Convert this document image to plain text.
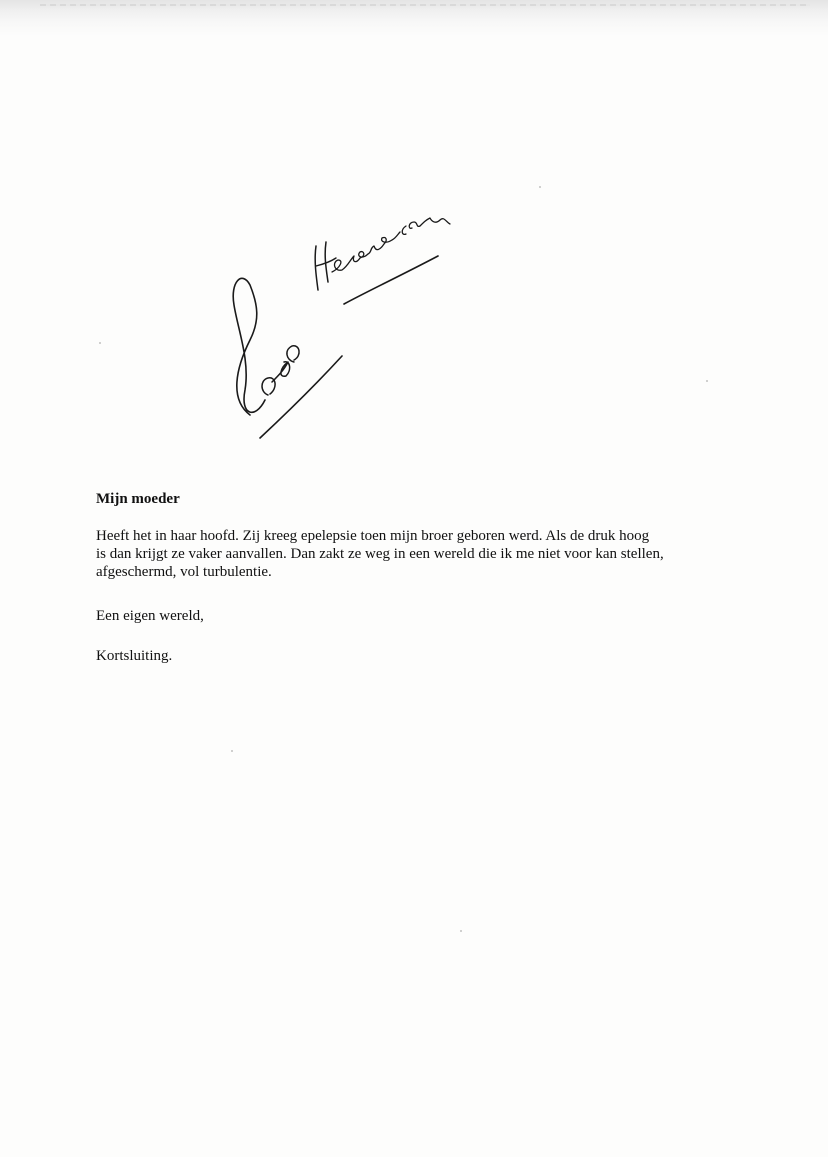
Mijn moeder

Heeft het in haar hoofd. Zij kreeg epelepsie toen mijn broer geboren werd. Als de druk hoog
is dan krijgt ze vaker aanvallen. Dan zakt ze weg in een wereld die ik me niet voor kan stellen,
afgeschermd, vol turbulentie.

Een eigen wereld,

Kortsluiting.
